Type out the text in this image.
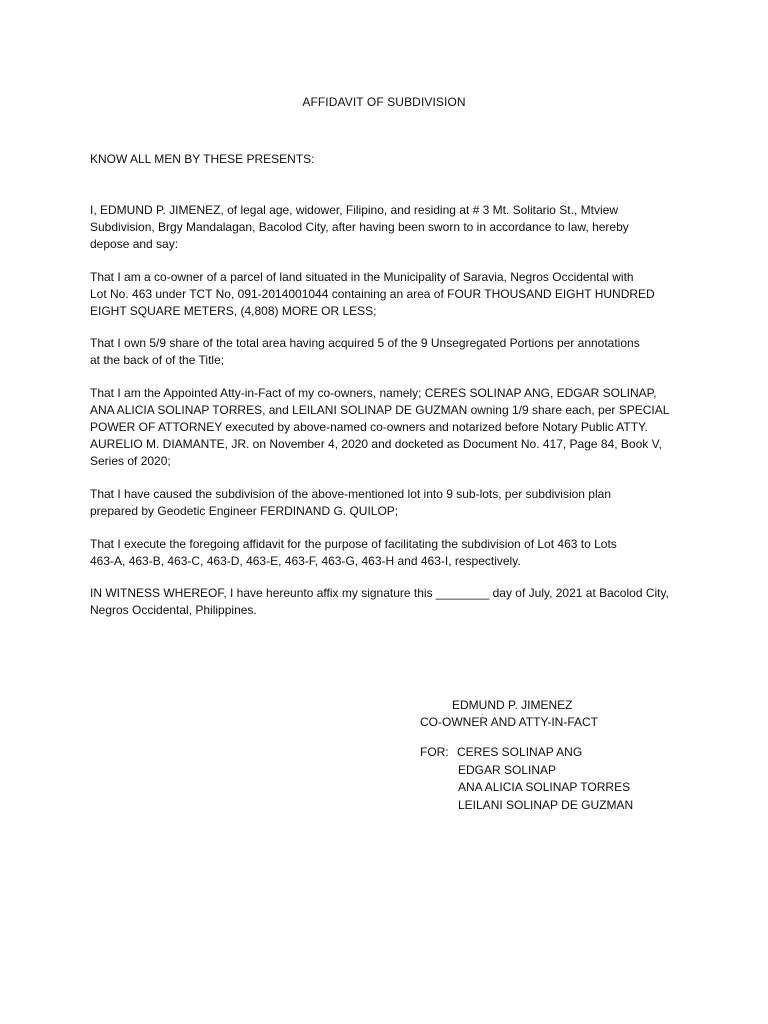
AFFIDAVIT OF SUBDIVISION
KNOW ALL MEN BY THESE PRESENTS:

I, EDMUND P. JIMENEZ, of legal age, widower, Filipino, and residing at # 3 Mt. Solitario St., Mtview
Subdivision, Brgy Mandalagan, Bacolod City, after having been sworn to in accordance to law, hereby
depose and say:

That I am a co-owner of a parcel of land situated in the Municipality of Saravia, Negros Occidental with
Lot No. 463 under TCT No, 091-2014001044 containing an area of FOUR THOUSAND EIGHT HUNDRED
EIGHT SQUARE METERS, (4,808) MORE OR LESS;

That I own 5/9 share of the total area having acquired 5 of the 9 Unsegregated Portions per annotations
at the back of of the Title;

That I am the Appointed Atty-in-Fact of my co-owners, namely; CERES SOLINAP ANG, EDGAR SOLINAP,
ANA ALICIA SOLINAP TORRES, and LEILANI SOLINAP DE GUZMAN owning 1/9 share each, per SPECIAL
POWER OF ATTORNEY executed by above-named co-owners and notarized before Notary Public ATTY.
AURELIO M. DIAMANTE, JR. on November 4, 2020 and docketed as Document No. 417, Page 84, Book V,
Series of 2020;

That I have caused the subdivision of the above-mentioned lot into 9 sub-lots, per subdivision plan
prepared by Geodetic Engineer FERDINAND G. QUILOP;

That I execute the foregoing affidavit for the purpose of facilitating the subdivision of Lot 463 to Lots
463-A, 463-B, 463-C, 463-D, 463-E, 463-F, 463-G, 463-H and 463-I, respectively.

IN WITNESS WHEREOF, I have hereunto affix my signature this ________ day of July, 2021 at Bacolod City,
Negros Occidental, Philippines.

EDMUND P. JIMENEZ
CO-OWNER AND ATTY-IN-FACT
FOR: CERES SOLINAP ANG
EDGAR SOLINAP
ANA ALICIA SOLINAP TORRES
LEILANI SOLINAP DE GUZMAN
